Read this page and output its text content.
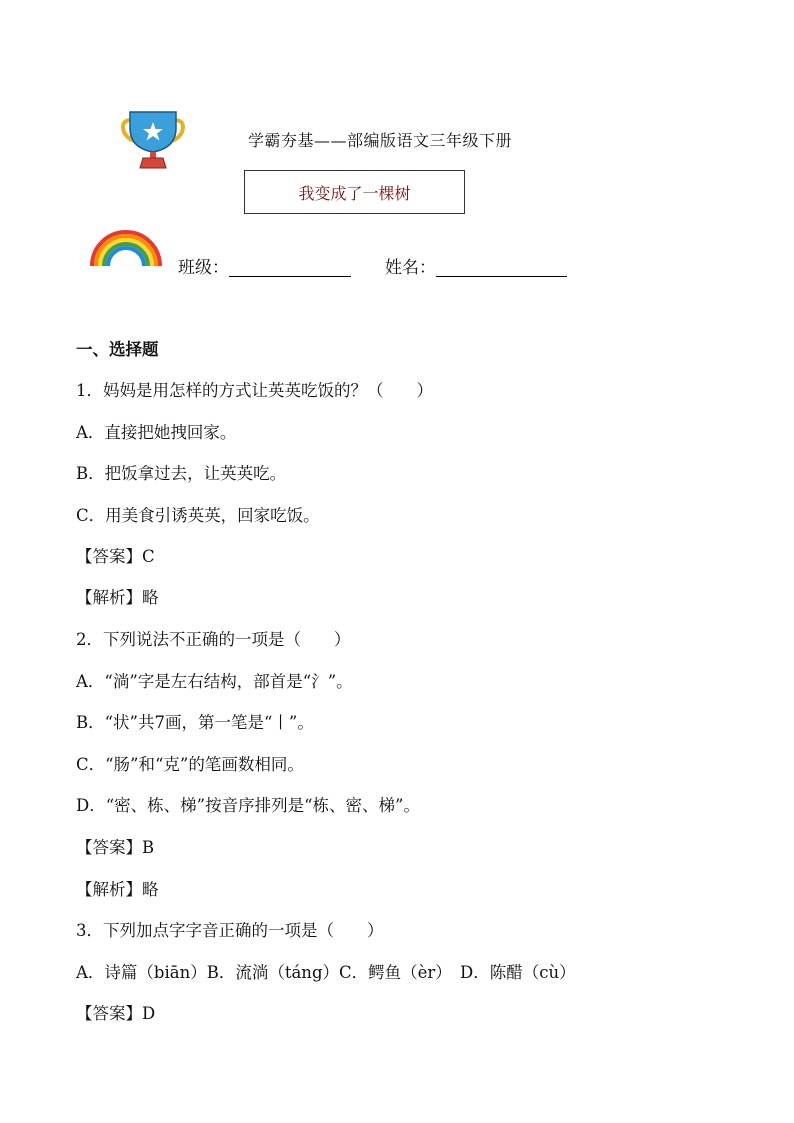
学霸夯基——部编版语文三年级下册
我变成了一棵树
班级：	姓名：
一、选择题
1．妈妈是用怎样的方式让英英吃饭的？（　　）
A．直接把她拽回家。
B．把饭拿过去，让英英吃。
C．用美食引诱英英，回家吃饭。
【答案】C
【解析】略
2．下列说法不正确的一项是（　　）
A．“淌”字是左右结构，部首是“氵”。
B．“状”共7画，第一笔是“丨”。
C．“肠”和“克”的笔画数相同。
D．“密、栋、梯”按音序排列是“栋、密、梯”。
【答案】B
【解析】略
3．下列加点字字音正确的一项是（　　）
A．诗篇（biān）B．流淌（táng）C．鳄鱼（èr）　D．陈醋（cù）
【答案】D
